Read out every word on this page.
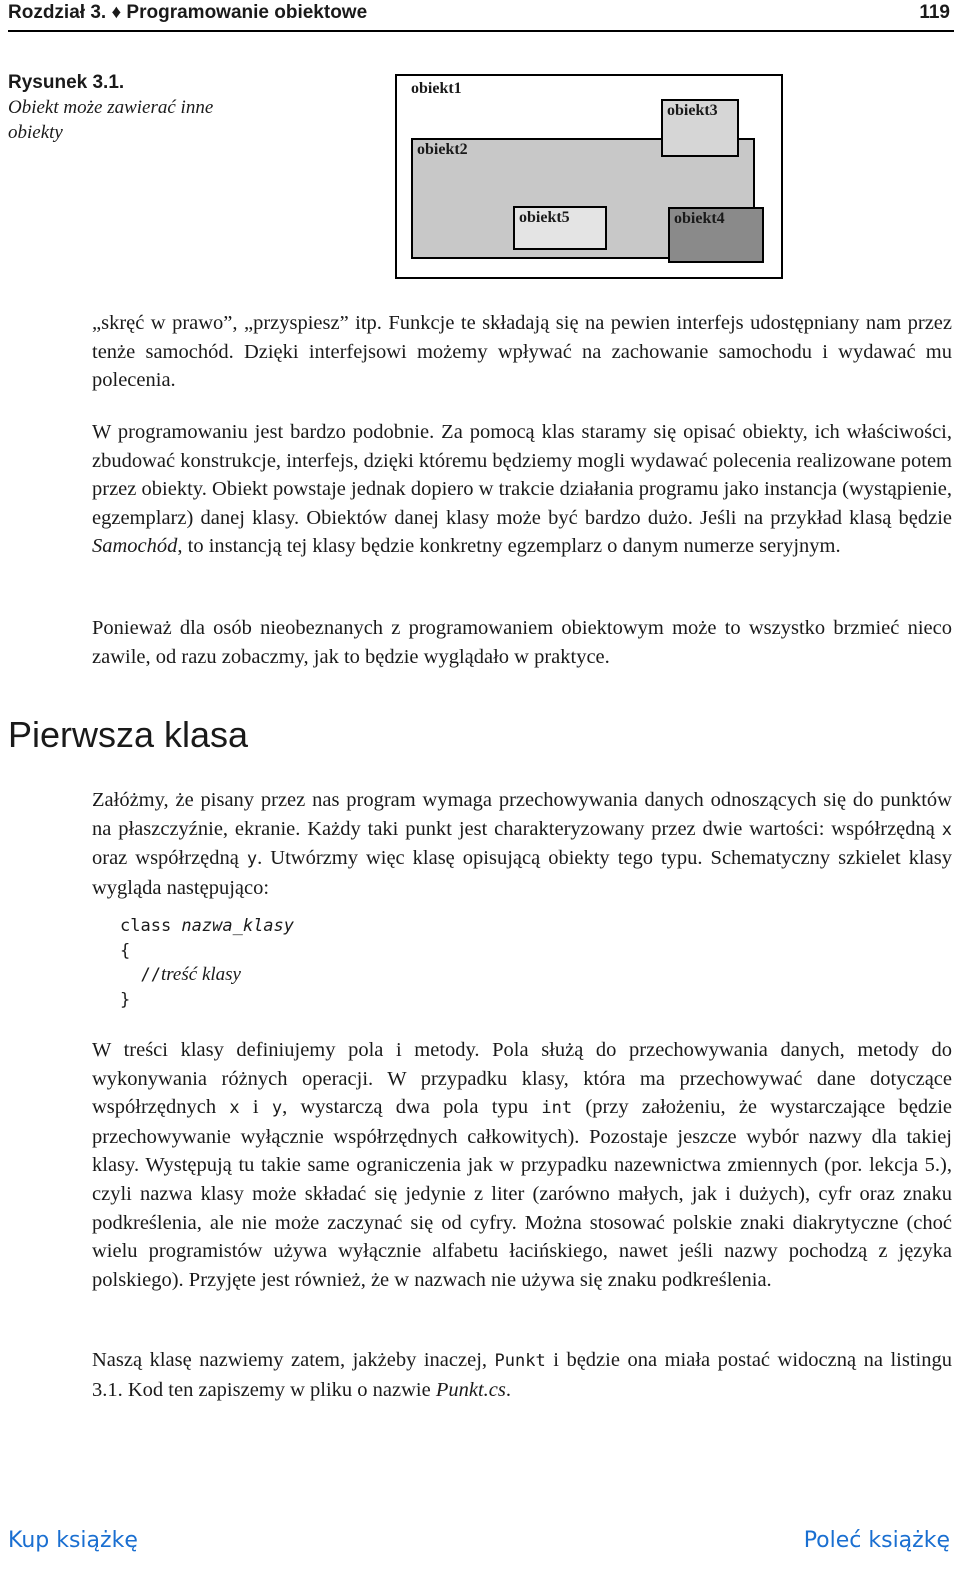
Rozdział 3. ♦ Programowanie obiektowe	119
Rysunek 3.1.
Obiekt może zawierać inne obiekty
obiekt1
obiekt2
obiekt3
obiekt5	obiekt4

„skręć w prawo”, „przyspiesz” itp. Funkcje te składają się na pewien interfejs udostępniany nam przez tenże samochód. Dzięki interfejsowi możemy wpływać na zachowanie samochodu i wydawać mu polecenia.

W programowaniu jest bardzo podobnie. Za pomocą klas staramy się opisać obiekty, ich właściwości, zbudować konstrukcje, interfejs, dzięki któremu będziemy mogli wydawać polecenia realizowane potem przez obiekty. Obiekt powstaje jednak dopiero w trakcie działania programu jako instancja (wystąpienie, egzemplarz) danej klasy. Obiektów danej klasy może być bardzo dużo. Jeśli na przykład klasą będzie Samochód, to instancją tej klasy będzie konkretny egzemplarz o danym numerze seryjnym.

Ponieważ dla osób nieobeznanych z programowaniem obiektowym może to wszystko brzmieć nieco zawile, od razu zobaczmy, jak to będzie wyglądało w praktyce.

Pierwsza klasa

Załóżmy, że pisany przez nas program wymaga przechowywania danych odnoszących się do punktów na płaszczyźnie, ekranie. Każdy taki punkt jest charakteryzowany przez dwie wartości: współrzędną x oraz współrzędną y. Utwórzmy więc klasę opisującą obiekty tego typu. Schematyczny szkielet klasy wygląda następująco:

class nazwa_klasy
{
//treść klasy
}

W treści klasy definiujemy pola i metody. Pola służą do przechowywania danych, metody do wykonywania różnych operacji. W przypadku klasy, która ma przechowywać dane dotyczące współrzędnych x i y, wystarczą dwa pola typu int (przy założeniu, że wystarczające będzie przechowywanie wyłącznie współrzędnych całkowitych). Pozostaje jeszcze wybór nazwy dla takiej klasy. Występują tu takie same ograniczenia jak w przypadku nazewnictwa zmiennych (por. lekcja 5.), czyli nazwa klasy może składać się jedynie z liter (zarówno małych, jak i dużych), cyfr oraz znaku podkreślenia, ale nie może zaczynać się od cyfry. Można stosować polskie znaki diakrytyczne (choć wielu programistów używa wyłącznie alfabetu łacińskiego, nawet jeśli nazwy pochodzą z języka polskiego). Przyjęte jest również, że w nazwach nie używa się znaku podkreślenia.

Naszą klasę nazwiemy zatem, jakżeby inaczej, Punkt i będzie ona miała postać widoczną na listingu 3.1. Kod ten zapiszemy w pliku o nazwie Punkt.cs.

Kup książkę	Poleć książkę
